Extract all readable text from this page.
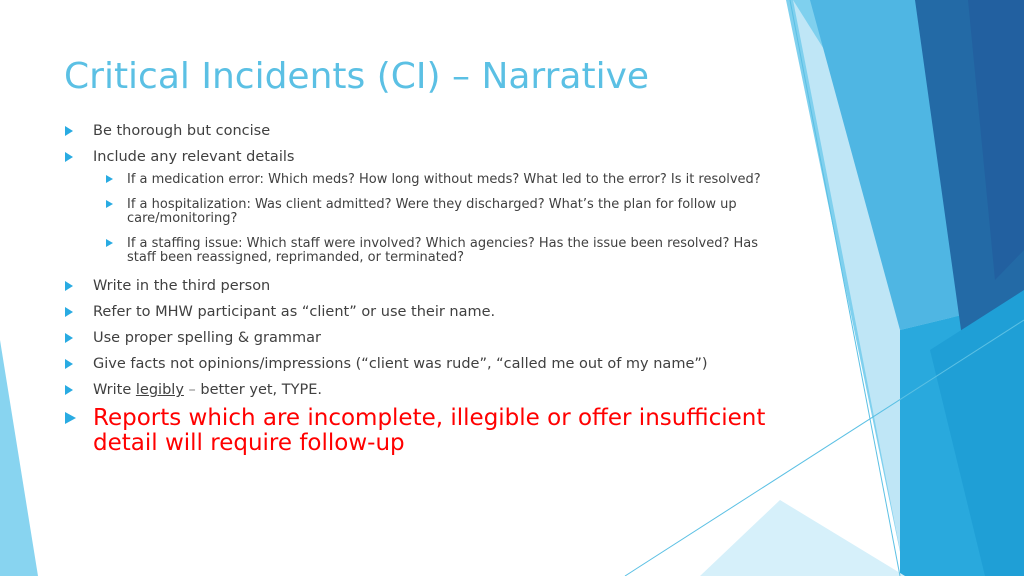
Critical Incidents (CI) – Narrative
Be thorough but concise
Include any relevant details
If a medication error: Which meds? How long without meds? What led to the error? Is it resolved?
If a hospitalization: Was client admitted? Were they discharged? What’s the plan for follow up care/monitoring?
If a staffing issue: Which staff were involved? Which agencies? Has the issue been resolved? Has staff been reassigned, reprimanded, or terminated?
Write in the third person
Refer to MHW participant as “client” or use their name.
Use proper spelling & grammar
Give facts not opinions/impressions (“client was rude”, “called me out of my name”)
Write legibly – better yet, TYPE.
Reports which are incomplete, illegible or offer insufficient detail will require follow-up
